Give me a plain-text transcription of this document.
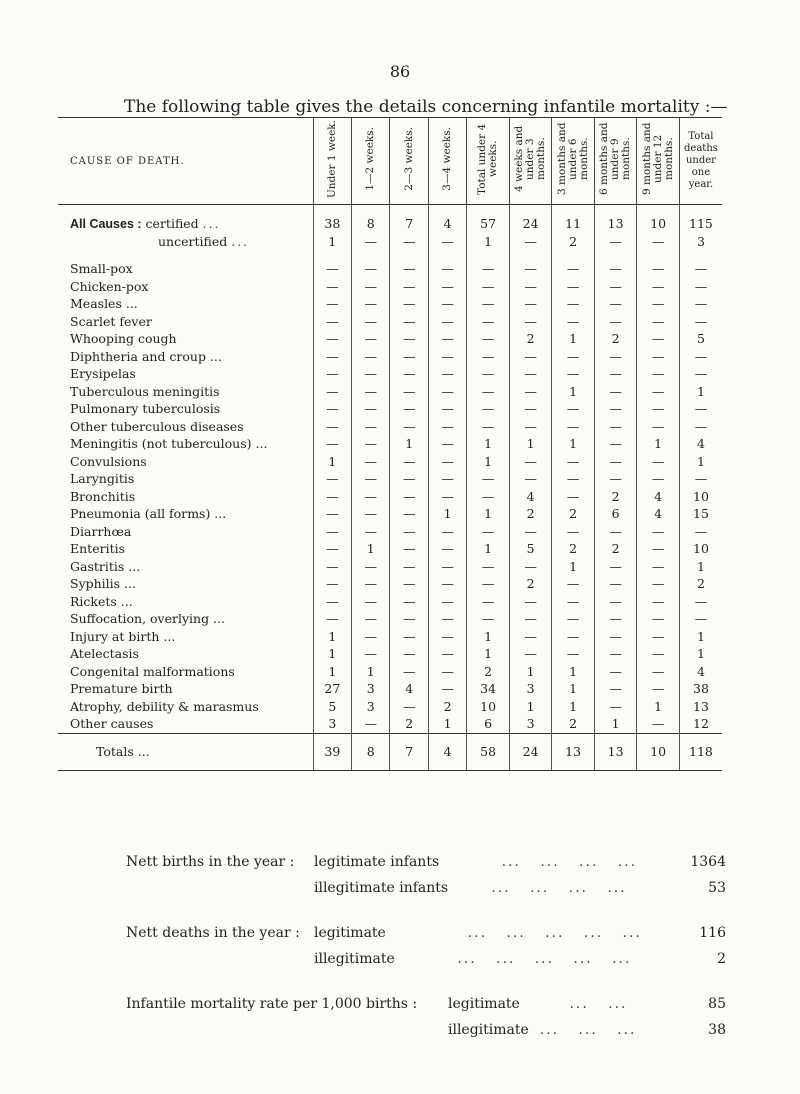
86
The following table gives the details concerning infantile mortality :—
CAUSE OF DEATH.	Under 1 week.	1—2 weeks.	2—3 weeks.	3—4 weeks.	Total under 4 weeks.	4 weeks and under 3 months.	3 months and under 6 months.	6 months and under 9 months.	9 months and under 12 months.	Total deaths under one year.

All Causes : certified ...	38	8	7	4	57	24	11	13	10	115
uncertified ...	1	—	—	—	1	—	2	—	—	3

Small-pox	—	—	—	—	—	—	—	—	—	—
Chicken-pox	—	—	—	—	—	—	—	—	—	—
Measles ...	—	—	—	—	—	—	—	—	—	—
Scarlet fever	—	—	—	—	—	—	—	—	—	—
Whooping cough	—	—	—	—	—	2	1	2	—	5
Diphtheria and croup ...	—	—	—	—	—	—	—	—	—	—
Erysipelas	—	—	—	—	—	—	—	—	—	—
Tuberculous meningitis	—	—	—	—	—	—	1	—	—	1
Pulmonary tuberculosis	—	—	—	—	—	—	—	—	—	—
Other tuberculous diseases	—	—	—	—	—	—	—	—	—	—
Meningitis (not tuberculous) ...	—	—	1	—	1	1	1	—	1	4
Convulsions	1	—	—	—	1	—	—	—	—	1
Laryngitis	—	—	—	—	—	—	—	—	—	—
Bronchitis	—	—	—	—	—	4	—	2	4	10
Pneumonia (all forms) ...	—	—	—	1	1	2	2	6	4	15
Diarrhœa	—	—	—	—	—	—	—	—	—	—
Enteritis	—	1	—	—	1	5	2	2	—	10
Gastritis ...	—	—	—	—	—	—	1	—	—	1
Syphilis ...	—	—	—	—	—	2	—	—	—	2
Rickets ...	—	—	—	—	—	—	—	—	—	—
Suffocation, overlying ...	—	—	—	—	—	—	—	—	—	—
Injury at birth ...	1	—	—	—	1	—	—	—	—	1
Atelectasis	1	—	—	—	1	—	—	—	—	1
Congenital malformations	1	1	—	—	2	1	1	—	—	4
Premature birth	27	3	4	—	34	3	1	—	—	38
Atrophy, debility & marasmus	5	3	—	2	10	1	1	—	1	13
Other causes	3	—	2	1	6	3	2	1	—	12
Totals ...	39	8	7	4	58	24	13	13	10	118
Nett births in the year : legitimate infants          ...   ...   ...   ...	1364
illegitimate infants       ...   ...   ...   ...	53
Nett deaths in the year : legitimate             ...   ...   ...   ...   ...	116
illegitimate          ...   ...   ...   ...   ...	2
Infantile mortality rate per 1,000 births : legitimate        ...   ...	85
illegitimate  ...   ...   ...	38
